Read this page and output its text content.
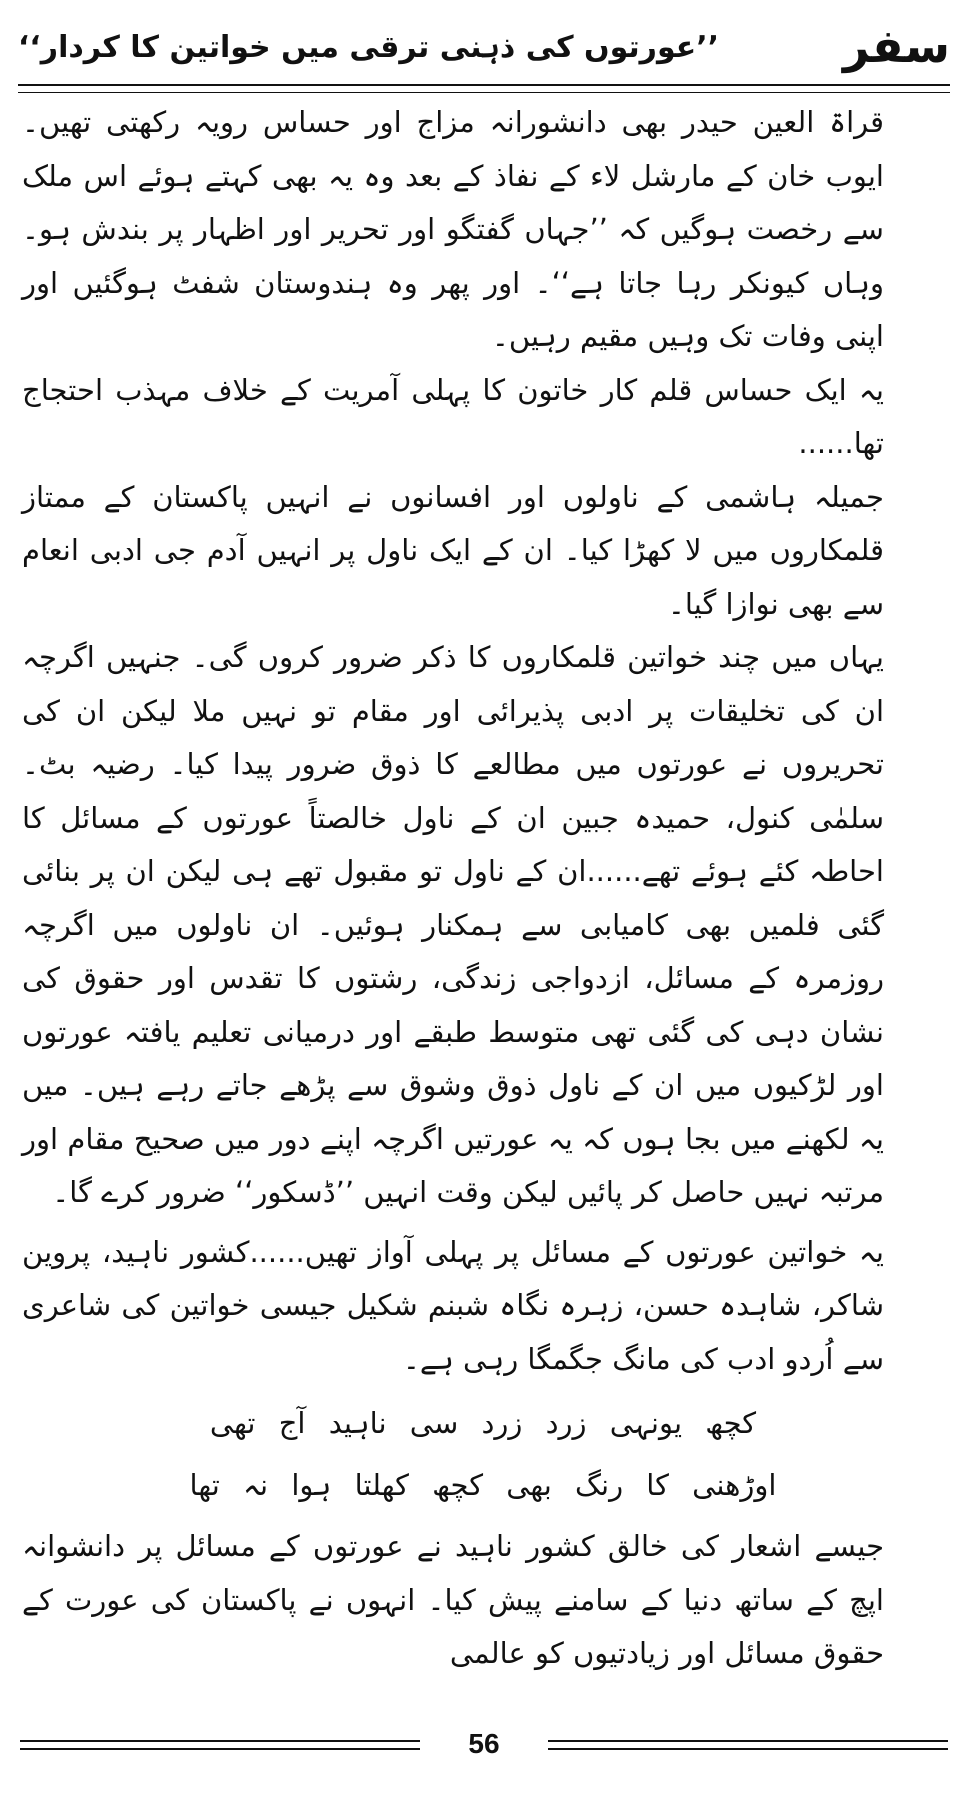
سفر
’’عورتوں کی ذہنی ترقی میں خواتین کا کردار‘‘

قراۃ العین حیدر بھی دانشورانہ مزاج اور حساس رویہ رکھتی تھیں۔ ایوب خان کے مارشل لاء کے نفاذ کے بعد وہ یہ بھی کہتے ہوئے اس ملک سے رخصت ہوگیں کہ ’’جہاں گفتگو اور تحریر اور اظہار پر بندش ہو۔ وہاں کیونکر رہا جاتا ہے‘‘۔ اور پھر وہ ہندوستان شفٹ ہوگئیں اور اپنی وفات تک وہیں مقیم رہیں۔

یہ ایک حساس قلم کار خاتون کا پہلی آمریت کے خلاف مہذب احتجاج تھا......

جمیلہ ہاشمی کے ناولوں اور افسانوں نے انہیں پاکستان کے ممتاز قلمکاروں میں لا کھڑا کیا۔ ان کے ایک ناول پر انہیں آدم جی ادبی انعام سے بھی نوازا گیا۔

یہاں میں چند خواتین قلمکاروں کا ذکر ضرور کروں گی۔ جنہیں اگرچہ ان کی تخلیقات پر ادبی پذیرائی اور مقام تو نہیں ملا لیکن ان کی تحریروں نے عورتوں میں مطالعے کا ذوق ضرور پیدا کیا۔ رضیہ بٹ۔ سلمٰی کنول، حمیدہ جبین ان کے ناول خالصتاً عورتوں کے مسائل کا احاطہ کئے ہوئے تھے......ان کے ناول تو مقبول تھے ہی لیکن ان پر بنائی گئی فلمیں بھی کامیابی سے ہمکنار ہوئیں۔ ان ناولوں میں اگرچہ روزمرہ کے مسائل، ازدواجی زندگی، رشتوں کا تقدس اور حقوق کی نشان دہی کی گئی تھی متوسط طبقے اور درمیانی تعلیم یافتہ عورتوں اور لڑکیوں میں ان کے ناول ذوق وشوق سے پڑھے جاتے رہے ہیں۔ میں یہ لکھنے میں بجا ہوں کہ یہ عورتیں اگرچہ اپنے دور میں صحیح مقام اور مرتبہ نہیں حاصل کر پائیں لیکن وقت انہیں ’’ڈسکور‘‘ ضرور کرے گا۔

یہ خواتین عورتوں کے مسائل پر پہلی آواز تھیں......کشور ناہید، پروین شاکر، شاہدہ حسن، زہرہ نگاہ شبنم شکیل جیسی خواتین کی شاعری سے اُردو ادب کی مانگ جگمگا رہی ہے۔

کچھ یونہی زرد زرد سی ناہید آج تھی
اوڑھنی کا رنگ بھی کچھ کھلتا ہوا نہ تھا

جیسے اشعار کی خالق کشور ناہید نے عورتوں کے مسائل پر دانشوانہ اپچ کے ساتھ دنیا کے سامنے پیش کیا۔ انہوں نے پاکستان کی عورت کے حقوق مسائل اور زیادتیوں کو عالمی

56
